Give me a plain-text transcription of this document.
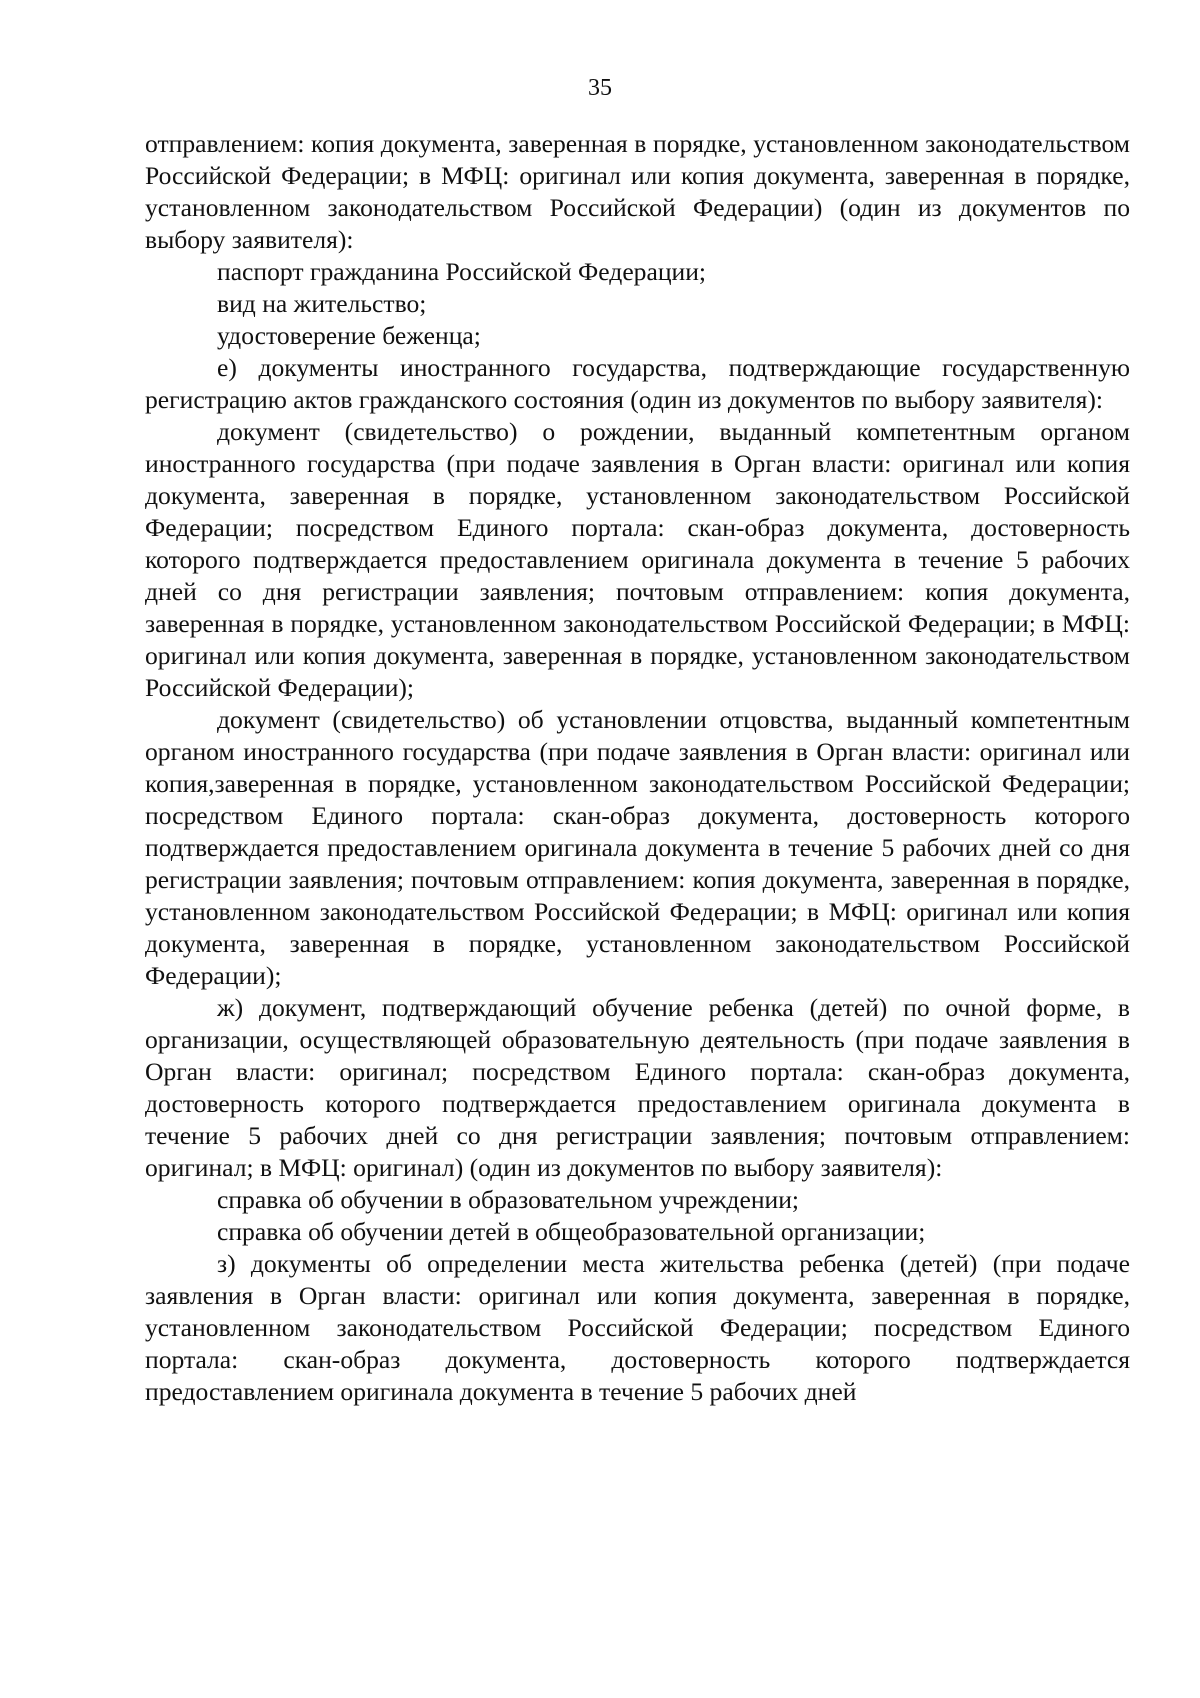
35

отправлением: копия документа, заверенная в порядке, установленном законодательством Российской Федерации; в МФЦ: оригинал или копия документа, заверенная в порядке, установленном законодательством Российской Федерации) (один из документов по выбору заявителя):

паспорт гражданина Российской Федерации;

вид на жительство;

удостоверение беженца;

е) документы иностранного государства, подтверждающие государственную регистрацию актов гражданского состояния (один из документов по выбору заявителя):

документ (свидетельство) о рождении, выданный компетентным органом иностранного государства (при подаче заявления в Орган власти: оригинал или копия документа, заверенная в порядке, установленном законодательством Российской Федерации; посредством Единого портала: скан-образ документа, достоверность которого подтверждается предоставлением оригинала документа в течение 5 рабочих дней со дня регистрации заявления; почтовым отправлением: копия документа, заверенная в порядке, установленном законодательством Российской Федерации; в МФЦ: оригинал или копия документа, заверенная в порядке, установленном законодательством Российской Федерации);

документ (свидетельство) об установлении отцовства, выданный компетентным органом иностранного государства (при подаче заявления в Орган власти: оригинал или копия,заверенная в порядке, установленном законодательством Российской Федерации; посредством Единого портала: скан-образ документа, достоверность которого подтверждается предоставлением оригинала документа в течение 5 рабочих дней со дня регистрации заявления; почтовым отправлением: копия документа, заверенная в порядке, установленном законодательством Российской Федерации; в МФЦ: оригинал или копия документа, заверенная в порядке, установленном законодательством Российской Федерации);

ж) документ, подтверждающий обучение ребенка (детей) по очной форме, в организации, осуществляющей образовательную деятельность (при подаче заявления в Орган власти: оригинал; посредством Единого портала: скан-образ документа, достоверность которого подтверждается предоставлением оригинала документа в течение 5 рабочих дней со дня регистрации заявления; почтовым отправлением: оригинал; в МФЦ: оригинал) (один из документов по выбору заявителя):

справка об обучении в образовательном учреждении;

справка об обучении детей в общеобразовательной организации;

з) документы об определении места жительства ребенка (детей) (при подаче заявления в Орган власти: оригинал или копия документа, заверенная в порядке, установленном законодательством Российской Федерации; посредством Единого портала: скан-образ документа, достоверность которого подтверждается предоставлением оригинала документа в течение 5 рабочих дней
